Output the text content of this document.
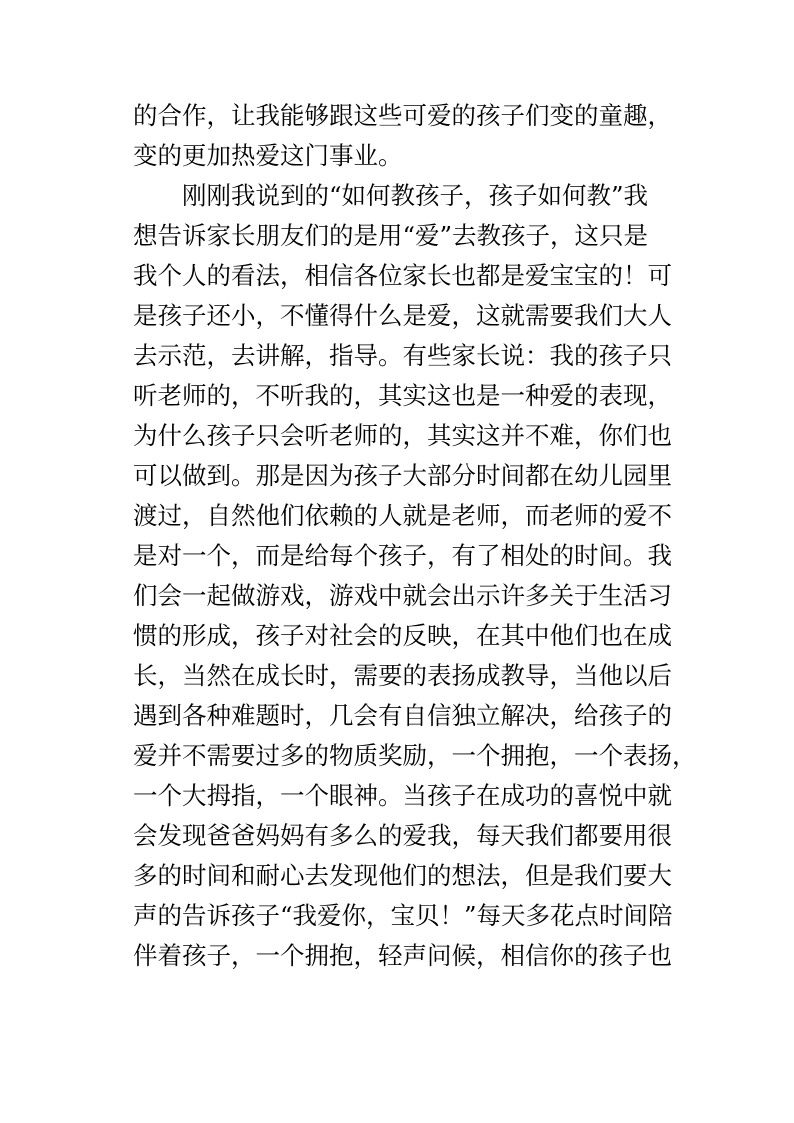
的合作，让我能够跟这些可爱的孩子们变的童趣，
变的更加热爱这门事业。
刚刚我说到的“如何教孩子，孩子如何教”我
想告诉家长朋友们的是用“爱”去教孩子，这只是
我个人的看法，相信各位家长也都是爱宝宝的！可
是孩子还小，不懂得什么是爱，这就需要我们大人
去示范，去讲解，指导。有些家长说：我的孩子只
听老师的，不听我的，其实这也是一种爱的表现，
为什么孩子只会听老师的，其实这并不难，你们也
可以做到。那是因为孩子大部分时间都在幼儿园里
渡过，自然他们依赖的人就是老师，而老师的爱不
是对一个，而是给每个孩子，有了相处的时间。我
们会一起做游戏，游戏中就会出示许多关于生活习
惯的形成，孩子对社会的反映，在其中他们也在成
长，当然在成长时，需要的表扬成教导，当他以后
遇到各种难题时，几会有自信独立解决，给孩子的
爱并不需要过多的物质奖励，一个拥抱，一个表扬，
一个大拇指，一个眼神。当孩子在成功的喜悦中就
会发现爸爸妈妈有多么的爱我，每天我们都要用很
多的时间和耐心去发现他们的想法，但是我们要大
声的告诉孩子“我爱你，宝贝！”每天多花点时间陪
伴着孩子，一个拥抱，轻声问候，相信你的孩子也
